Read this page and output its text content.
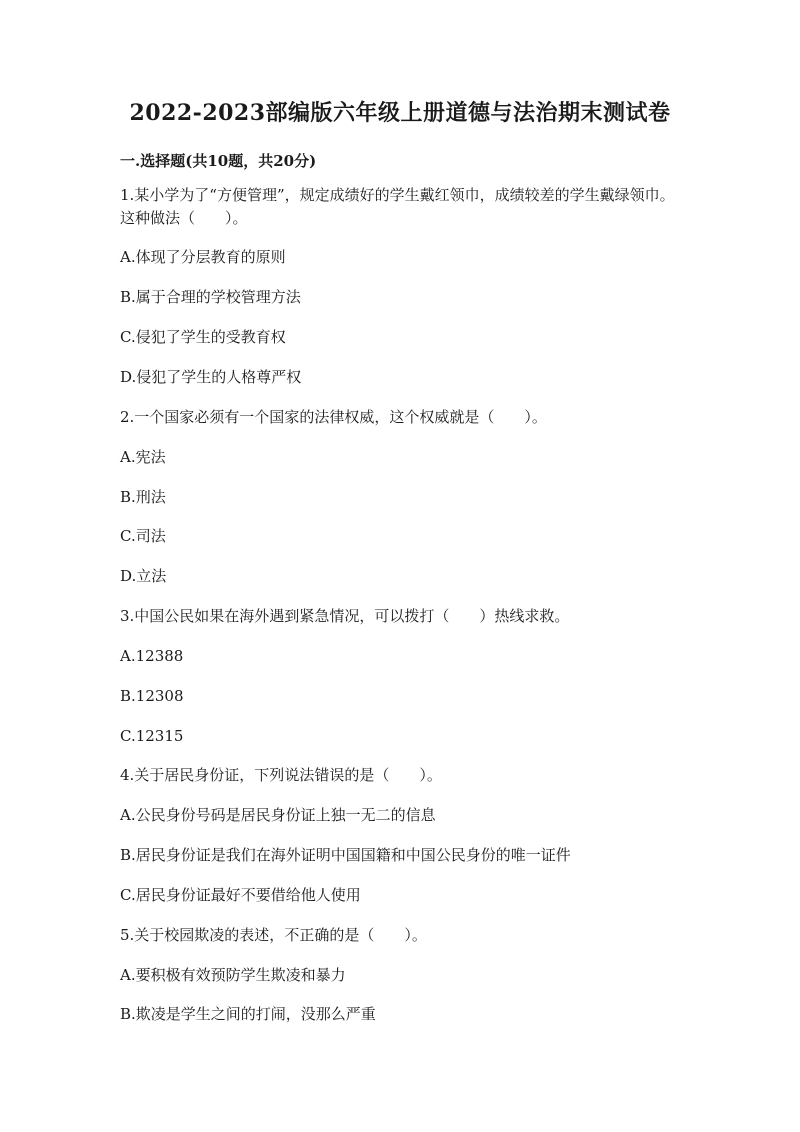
2022-2023部编版六年级上册道德与法治期末测试卷
一.选择题(共10题，共20分)
1.某小学为了“方便管理”，规定成绩好的学生戴红领巾，成绩较差的学生戴绿领巾。这种做法（　　）。
A.体现了分层教育的原则
B.属于合理的学校管理方法
C.侵犯了学生的受教育权
D.侵犯了学生的人格尊严权
2.一个国家必须有一个国家的法律权威，这个权威就是（　　）。
A.宪法
B.刑法
C.司法
D.立法
3.中国公民如果在海外遇到紧急情况，可以拨打（　　）热线求救。
A.12388
B.12308
C.12315
4.关于居民身份证，下列说法错误的是（　　）。
A.公民身份号码是居民身份证上独一无二的信息
B.居民身份证是我们在海外证明中国国籍和中国公民身份的唯一证件
C.居民身份证最好不要借给他人使用
5.关于校园欺凌的表述，不正确的是（　　）。
A.要积极有效预防学生欺凌和暴力
B.欺凌是学生之间的打闹，没那么严重
